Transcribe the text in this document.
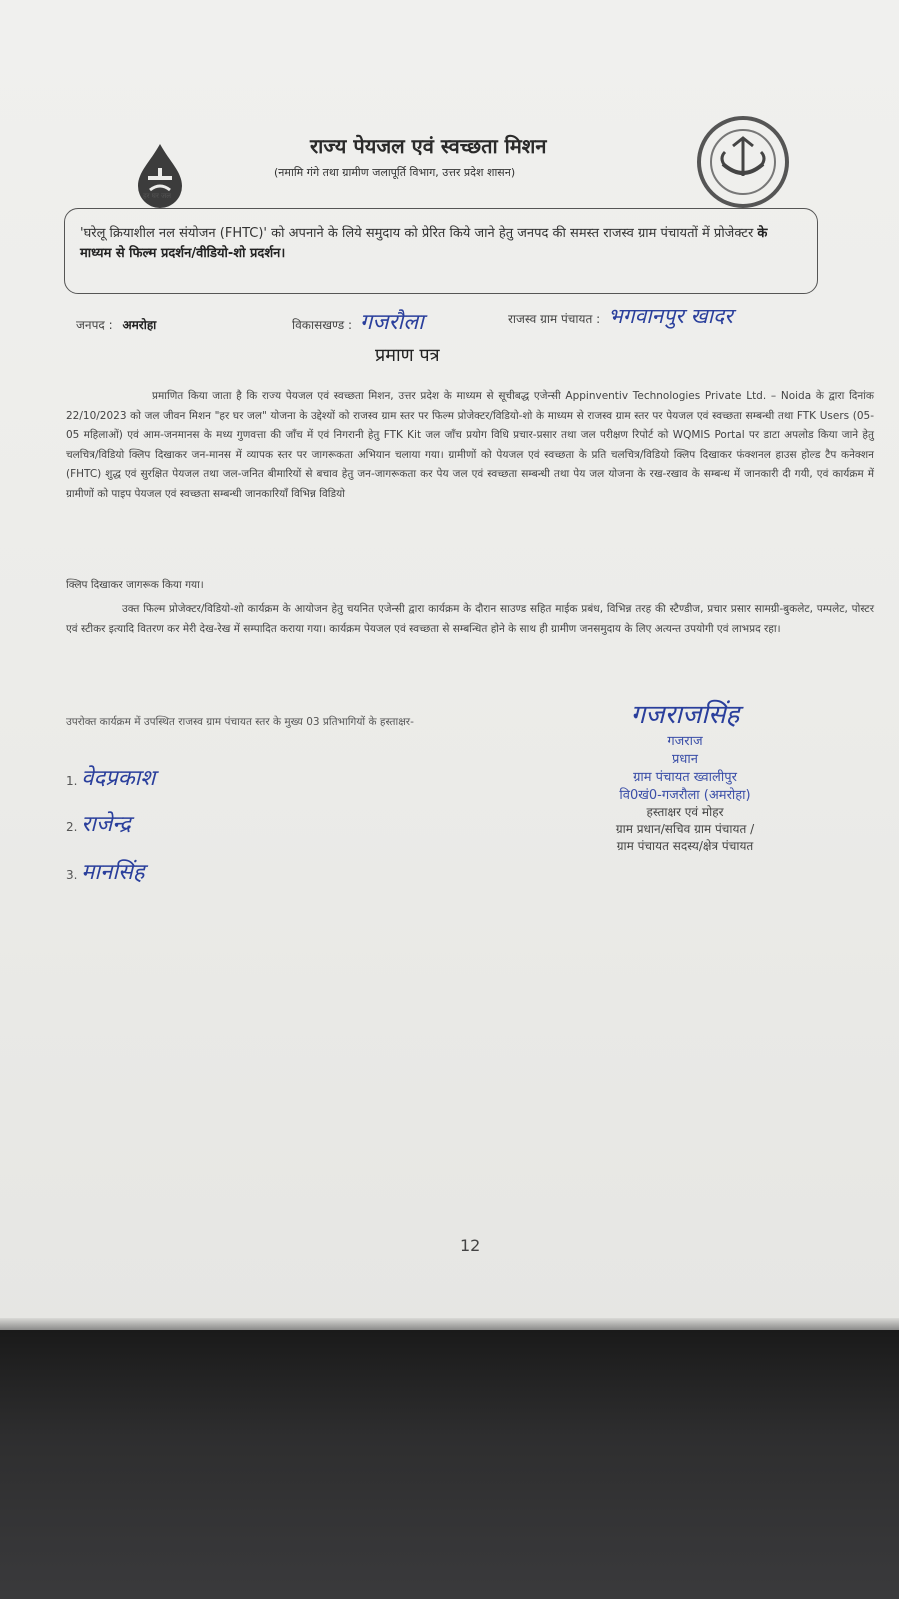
हर घर जल
राज्य पेयजल एवं स्वच्छता मिशन
(नमामि गंगे तथा ग्रामीण जलापूर्ति विभाग, उत्तर प्रदेश शासन)
'घरेलू क्रियाशील नल संयोजन (FHTC)' को अपनाने के लिये समुदाय को प्रेरित किये जाने हेतु जनपद की समस्त राजस्व ग्राम पंचायतों में प्रोजेक्टर के माध्यम से फिल्म प्रदर्शन/वीडियो-शो प्रदर्शन।
जनपद : अमरोहा	विकासखण्ड : गजरौला	राजस्व ग्राम पंचायत : भगवानपुर खादर
प्रमाण पत्र
प्रमाणित किया जाता है कि राज्य पेयजल एवं स्वच्छता मिशन, उत्तर प्रदेश के माध्यम से सूचीबद्ध एजेन्सी Appinventiv Technologies Private Ltd. – Noida के द्वारा दिनांक 22/10/2023 को जल जीवन मिशन "हर घर जल" योजना के उद्देश्यों को राजस्व ग्राम स्तर पर फिल्म प्रोजेक्टर/विडियो-शो के माध्यम से राजस्व ग्राम स्तर पर पेयजल एवं स्वच्छता सम्बन्धी तथा FTK Users (05-05 महिलाओं) एवं आम-जनमानस के मध्य गुणवत्ता की जाँच में एवं निगरानी हेतु FTK Kit जल जाँच प्रयोग विधि प्रचार-प्रसार तथा जल परीक्षण रिपोर्ट को WQMIS Portal पर डाटा अपलोड किया जाने हेतु चलचित्र/विडियो क्लिप दिखाकर जन-मानस में व्यापक स्तर पर जागरूकता अभियान चलाया गया। ग्रामीणों को पेयजल एवं स्वच्छता के प्रति चलचित्र/विडियो क्लिप दिखाकर फंक्शनल हाउस होल्ड टैप कनेक्शन (FHTC) शुद्ध एवं सुरक्षित पेयजल तथा जल-जनित बीमारियों से बचाव हेतु जन-जागरूकता कर पेय जल एवं स्वच्छता सम्बन्धी तथा पेय जल योजना के रख-रखाव के सम्बन्ध में जानकारी दी गयी, एवं कार्यक्रम में ग्रामीणों को पाइप पेयजल एवं स्वच्छता सम्बन्धी जानकारियाँ विभिन्न विडियो
क्लिप दिखाकर जागरूक किया गया।
उक्त फिल्म प्रोजेक्टर/विडियो-शो कार्यक्रम के आयोजन हेतु चयनित एजेन्सी द्वारा कार्यक्रम के दौरान साउण्ड सहित माईक प्रबंध, विभिन्न तरह की स्टैण्डीज, प्रचार प्रसार सामग्री-बुकलेट, पम्पलेट, पोस्टर एवं स्टीकर इत्यादि वितरण कर मेरी देख-रेख में सम्पादित कराया गया। कार्यक्रम पेयजल एवं स्वच्छता से सम्बन्धित होने के साथ ही ग्रामीण जनसमुदाय के लिए अत्यन्त उपयोगी एवं लाभप्रद रहा।
गजराजसिंह
गजराज
प्रधान
ग्राम पंचायत ख्वालीपुर
वि0खं0-गजरौला (अमरोहा)
हस्ताक्षर एवं मोहर
ग्राम प्रधान/सचिव ग्राम पंचायत /
ग्राम पंचायत सदस्य/क्षेत्र पंचायत
उपरोक्त कार्यक्रम में उपस्थित राजस्व ग्राम पंचायत स्तर के मुख्य 03 प्रतिभागियों के हस्ताक्षर-
1. वेदप्रकाश
2. राजेन्द्र
3. मानसिंह
12
